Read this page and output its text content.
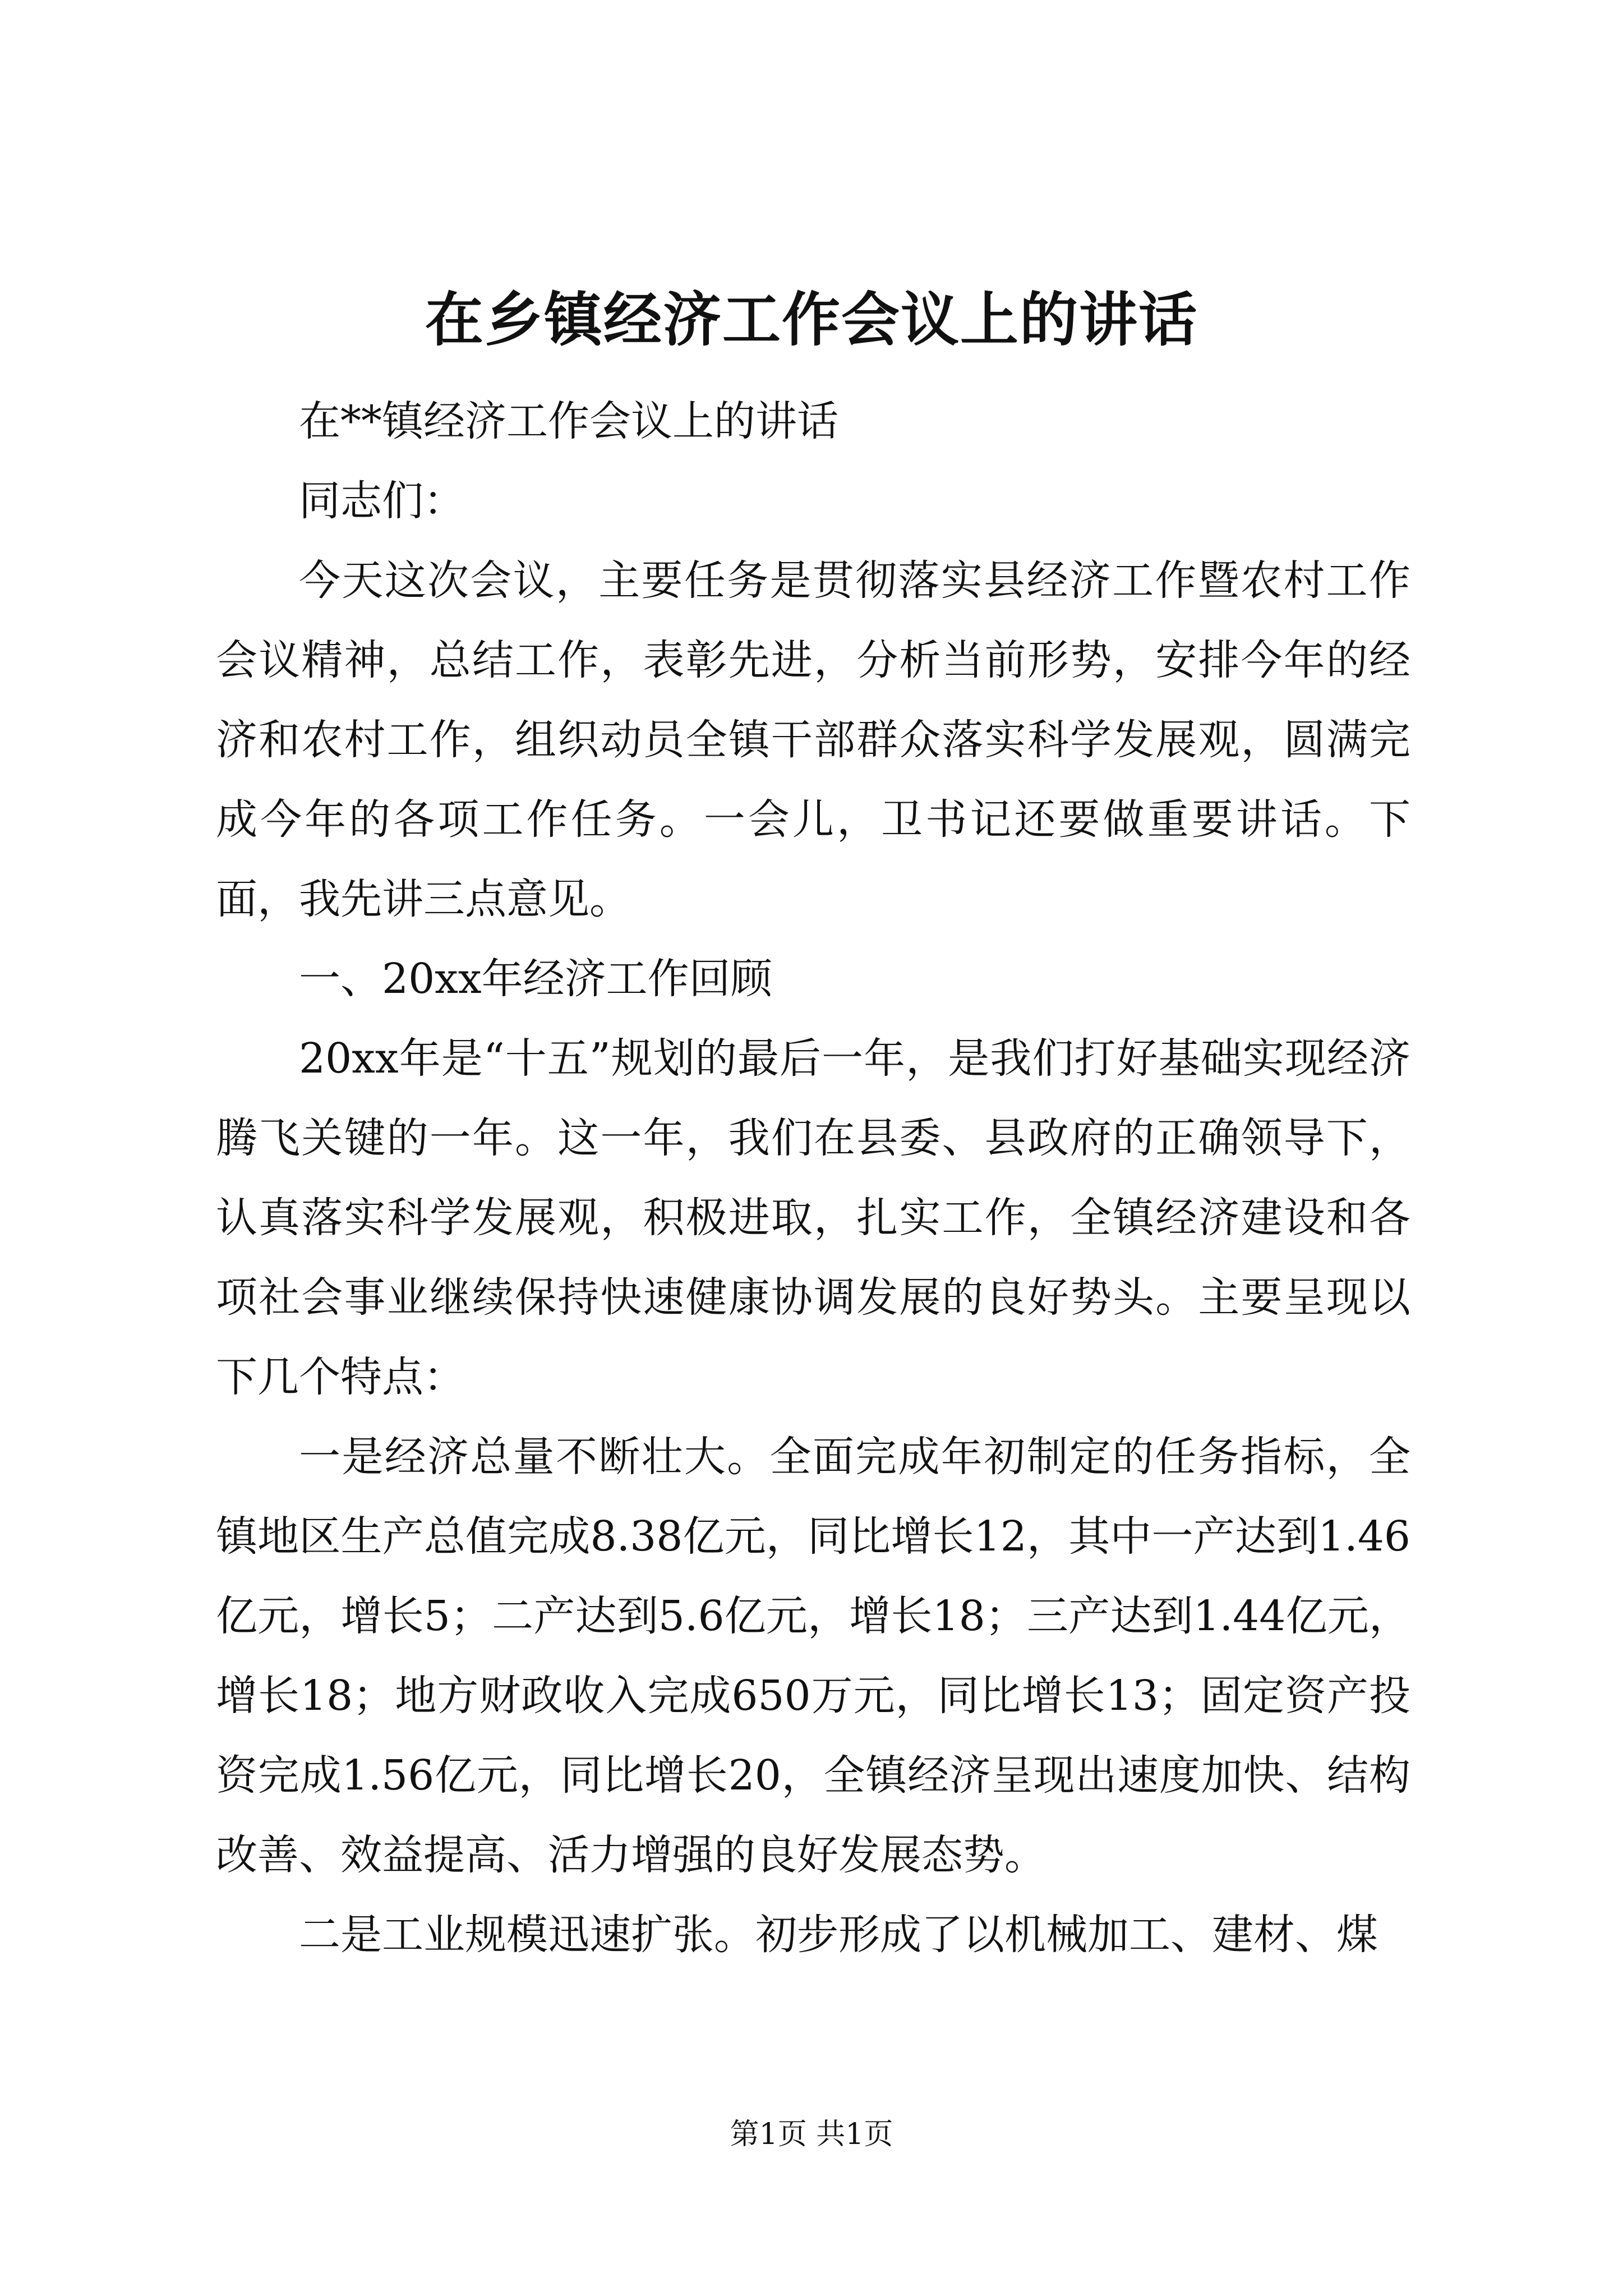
在乡镇经济工作会议上的讲话

在**镇经济工作会议上的讲话

同志们：

今天这次会议，主要任务是贯彻落实县经济工作暨农村工作会议精神，总结工作，表彰先进，分析当前形势，安排今年的经济和农村工作，组织动员全镇干部群众落实科学发展观，圆满完成今年的各项工作任务。一会儿，卫书记还要做重要讲话。下面，我先讲三点意见。

一、20xx年经济工作回顾

20xx年是“十五”规划的最后一年，是我们打好基础实现经济腾飞关键的一年。这一年，我们在县委、县政府的正确领导下，认真落实科学发展观，积极进取，扎实工作，全镇经济建设和各项社会事业继续保持快速健康协调发展的良好势头。主要呈现以下几个特点：

一是经济总量不断壮大。全面完成年初制定的任务指标，全镇地区生产总值完成8.38亿元，同比增长12，其中一产达到1.46亿元，增长5；二产达到5.6亿元，增长18；三产达到1.44亿元，增长18；地方财政收入完成650万元，同比增长13；固定资产投资完成1.56亿元，同比增长20，全镇经济呈现出速度加快、结构改善、效益提高、活力增强的良好发展态势。

二是工业规模迅速扩张。初步形成了以机械加工、建材、煤

第1页 共1页
